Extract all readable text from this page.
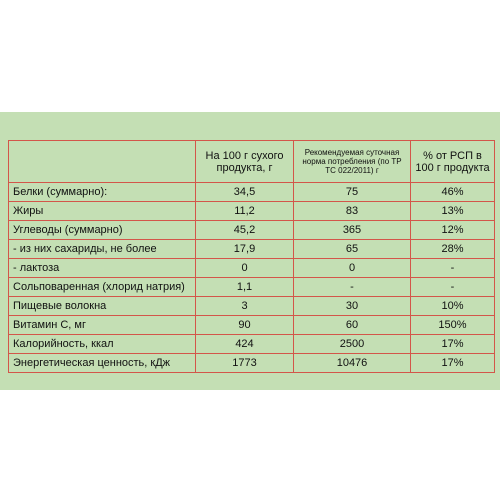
	На 100 г сухого продукта, г	Рекомендуемая суточная норма потребления (по ТР ТС 022/2011) г	% от РСП в 100 г продукта
Белки (суммарно):	34,5	75	46%
Жиры	11,2	83	13%
Углеводы (суммарно)	45,2	365	12%
- из них сахариды, не более	17,9	65	28%
- лактоза	0	0	-
Сольповаренная (хлорид натрия)	1,1	-	-
Пищевые волокна	3	30	10%
Витамин С, мг	90	60	150%
Калорийность, ккал	424	2500	17%
Энергетическая ценность, кДж	1773	10476	17%
